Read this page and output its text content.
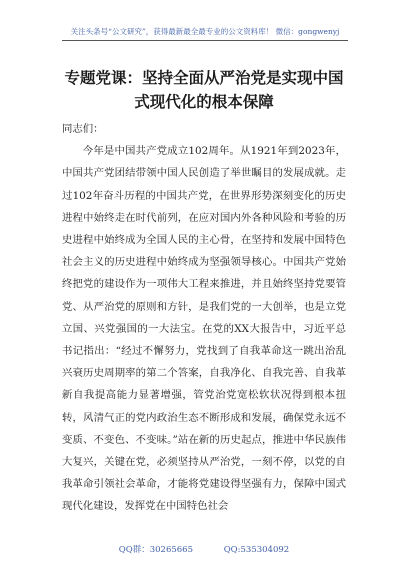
关注头条号“公文研究”，获得最新最全最专业的公文资料库！ 微信：gongwenyj
专题党课：坚持全面从严治党是实现中国
式现代化的根本保障

同志们：

今年是中国共产党成立102周年。从1921年到2023年，中国共产党团结带领中国人民创造了举世瞩目的发展成就。走过102年奋斗历程的中国共产党，在世界形势深刻变化的历史进程中始终走在时代前列，在应对国内外各种风险和考验的历史进程中始终成为全国人民的主心骨，在坚持和发展中国特色社会主义的历史进程中始终成为坚强领导核心。中国共产党始终把党的建设作为一项伟大工程来推进，并且始终坚持党要管党、从严治党的原则和方针，是我们党的一大创举，也是立党立国、兴党强国的一大法宝。在党的XX大报告中，习近平总书记指出：“经过不懈努力，党找到了自我革命这一跳出治乱兴衰历史周期率的第二个答案，自我净化、自我完善、自我革新自我提高能力显著增强，管党治党宽松软状况得到根本扭转，风清气正的党内政治生态不断形成和发展，确保党永远不变质、不变色、不变味。”站在新的历史起点，推进中华民族伟大复兴，关键在党，必须坚持从严治党，一刻不停，以党的自我革命引领社会革命，才能将党建设得坚强有力，保障中国式现代化建设，发挥党在中国特色社会

QQ群：30265665	QQ:535304092
